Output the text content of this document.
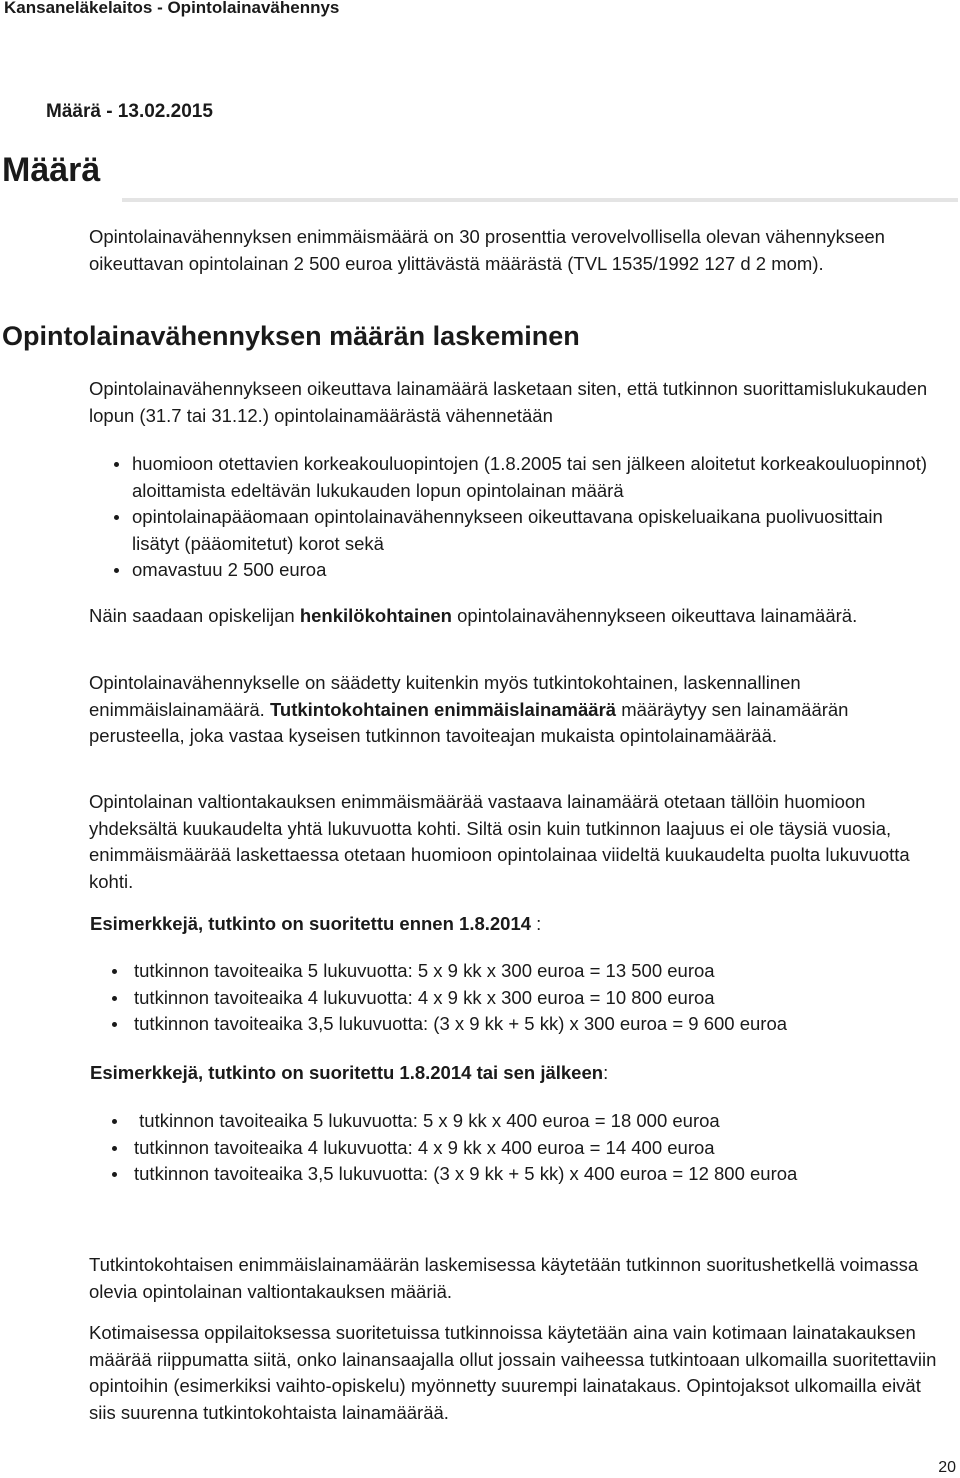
Kansaneläkelaitos - Opintolainavähennys
Määrä - 13.02.2015
Määrä
Opintolainavähennyksen enimmäismäärä on 30 prosenttia verovelvollisella olevan vähennykseen oikeuttavan opintolainan 2 500 euroa ylittävästä määrästä (TVL 1535/1992 127 d 2 mom).
Opintolainavähennyksen määrän laskeminen
Opintolainavähennykseen oikeuttava lainamäärä lasketaan siten, että tutkinnon suorittamislukukauden lopun (31.7 tai 31.12.) opintolainamäärästä vähennetään
huomioon otettavien korkeakouluopintojen (1.8.2005 tai sen jälkeen aloitetut korkeakouluopinnot) aloittamista edeltävän lukukauden lopun opintolainan määrä
opintolainapääomaan opintolainavähennykseen oikeuttavana opiskeluaikana puolivuosittain lisätyt (pääomitetut) korot sekä
omavastuu 2 500 euroa
Näin saadaan opiskelijan henkilökohtainen opintolainavähennykseen oikeuttava lainamäärä.
Opintolainavähennykselle on säädetty kuitenkin myös tutkintokohtainen, laskennallinen enimmäislainamäärä. Tutkintokohtainen enimmäislainamäärä määräytyy sen lainamäärän perusteella, joka vastaa kyseisen tutkinnon tavoiteajan mukaista opintolainamäärää.
Opintolainan valtiontakauksen enimmäismäärää vastaava lainamäärä otetaan tällöin huomioon yhdeksältä kuukaudelta yhtä lukuvuotta kohti. Siltä osin kuin tutkinnon laajuus ei ole täysiä vuosia, enimmäismäärää laskettaessa otetaan huomioon opintolainaa viideltä kuukaudelta puolta lukuvuotta kohti.
Esimerkkejä, tutkinto on suoritettu ennen 1.8.2014 :
tutkinnon tavoiteaika 5 lukuvuotta: 5 x 9 kk x 300 euroa = 13 500 euroa
tutkinnon tavoiteaika 4 lukuvuotta: 4 x 9 kk x 300 euroa = 10 800 euroa
tutkinnon tavoiteaika 3,5 lukuvuotta: (3 x 9 kk + 5 kk) x 300 euroa = 9 600 euroa
Esimerkkejä, tutkinto on suoritettu 1.8.2014 tai sen jälkeen:
tutkinnon tavoiteaika 5 lukuvuotta: 5 x 9 kk x 400 euroa = 18 000 euroa
tutkinnon tavoiteaika 4 lukuvuotta: 4 x 9 kk x 400 euroa = 14 400 euroa
tutkinnon tavoiteaika 3,5 lukuvuotta: (3 x 9 kk + 5 kk) x 400 euroa = 12 800 euroa
Tutkintokohtaisen enimmäislainamäärän laskemisessa käytetään tutkinnon suoritushetkellä voimassa olevia opintolainan valtiontakauksen määriä.
Kotimaisessa oppilaitoksessa suoritetuissa tutkinnoissa käytetään aina vain kotimaan lainatakauksen määrää riippumatta siitä, onko lainansaajalla ollut jossain vaiheessa tutkintoaan ulkomailla suoritettaviin opintoihin (esimerkiksi vaihto-opiskelu) myönnetty suurempi lainatakaus. Opintojaksot ulkomailla eivät siis suurenna tutkintokohtaista lainamäärää.
20
